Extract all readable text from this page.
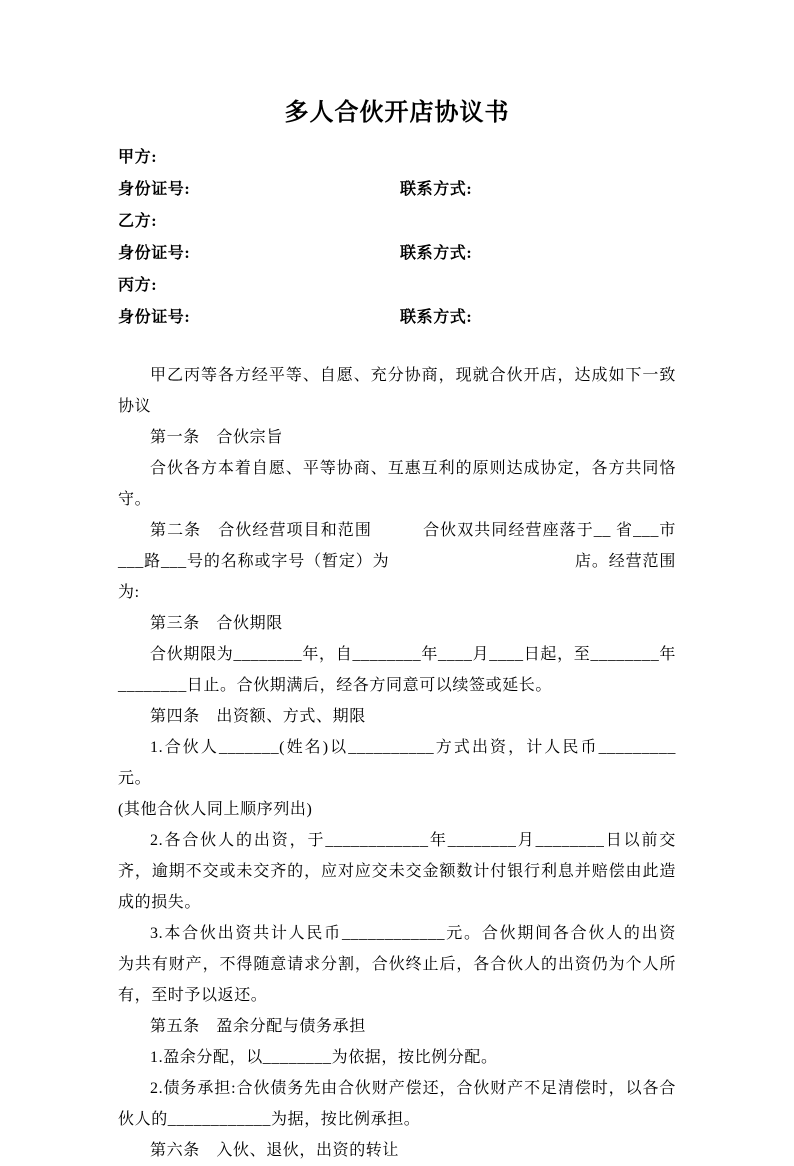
多人合伙开店协议书

甲方:

身份证号:	联系方式:

乙方:

身份证号:	联系方式:

丙方:

身份证号:	联系方式:

甲乙丙等各方经平等、自愿、充分协商，现就合伙开店，达成如下一致协议

第一条　合伙宗旨

合伙各方本着自愿、平等协商、互惠互利的原则达成协定，各方共同恪守。

第二条　合伙经营项目和范围　　　合伙双共同经营座落于__ 省___市___路___号的名称或字号（暂定）为　　　　　　　　　　　店。经营范围为:

第三条　合伙期限

合伙期限为________年，自________年____月____日起，至________年　________日止。合伙期满后，经各方同意可以续签或延长。

第四条　出资额、方式、期限

1.合伙人_______(姓名)以__________方式出资，计人民币_________元。

(其他合伙人同上顺序列出)

2.各合伙人的出资，于____________年________月________日以前交齐，逾期不交或未交齐的，应对应交未交金额数计付银行利息并赔偿由此造成的损失。

3.本合伙出资共计人民币____________元。合伙期间各合伙人的出资　为共有财产，不得随意请求分割，合伙终止后，各合伙人的出资仍为个人所有，至时予以返还。

第五条　盈余分配与债务承担

1.盈余分配，以________为依据，按比例分配。

2.债务承担:合伙债务先由合伙财产偿还，合伙财产不足清偿时，以各合伙人的____________为据，按比例承担。

第六条　入伙、退伙，出资的转让
